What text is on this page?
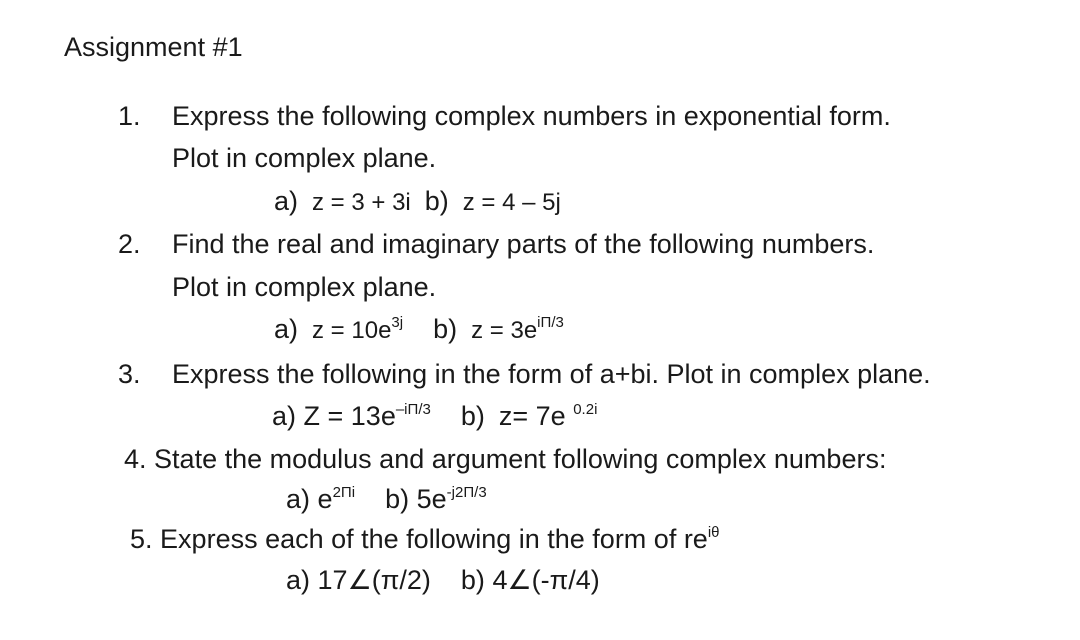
Assignment #1
1. Express the following complex numbers in exponential form.
Plot in complex plane.
a) z = 3 + 3i b) z = 4 – 5j
2. Find the real and imaginary parts of the following numbers.
Plot in complex plane.
a) $z = 10e^{3j}$ b) $z = 3e^{i\Pi/3}$
3. Express the following in the form of a+bi. Plot in complex plane.
a) $Z = 13e^{-i\Pi/3}$ b) z= 7e $^{0.2i}$
4. State the modulus and argument following complex numbers:
a) $e^{2\Pi i}$ b) $5e^{-j2\Pi/3}$
5. Express each of the following in the form of $re^{i\theta}$
a) 17∠(π/2) b) 4∠(-π/4)
